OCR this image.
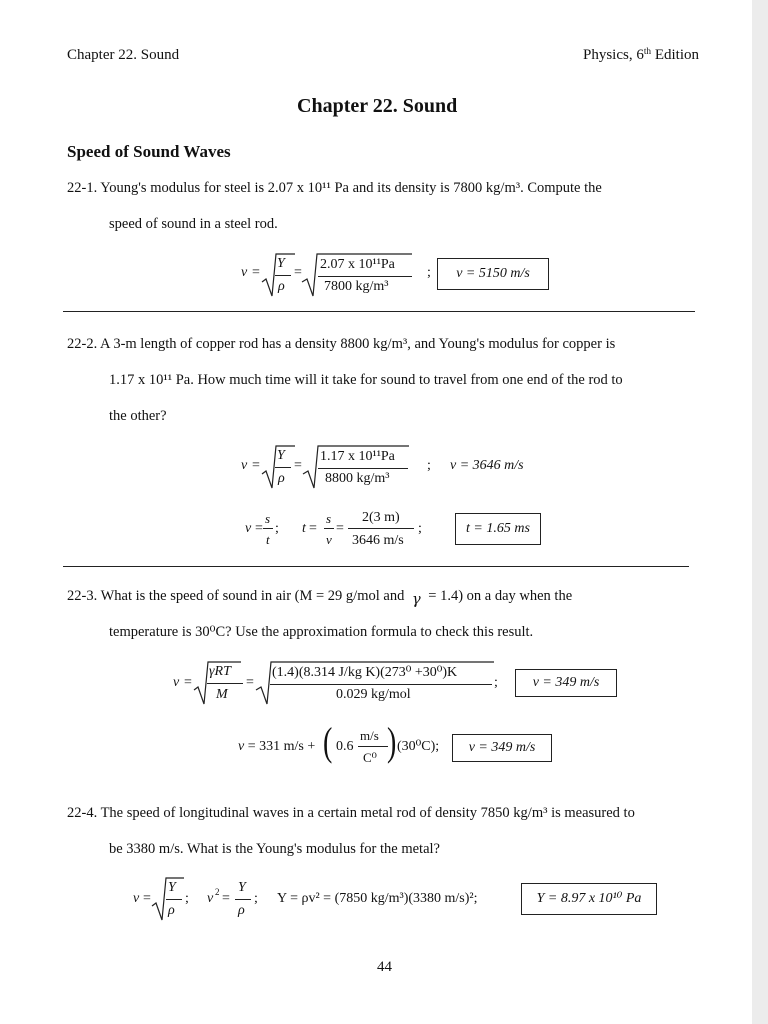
Chapter 22. Sound	Physics, 6th Edition
Chapter 22. Sound
Speed of Sound Waves
22-1. Young's modulus for steel is 2.07 x 10¹¹ Pa and its density is 7800 kg/m³. Compute the
speed of sound in a steel rod.
v =
Y
ρ
=
2.07 x 10¹¹Pa
7800 kg/m³
; v = 5150 m/s
22-2. A 3-m length of copper rod has a density 8800 kg/m³, and Young's modulus for copper is
1.17 x 10¹¹ Pa. How much time will it take for sound to travel from one end of the rod to
the other?
v =
Y
ρ
=
1.17 x 10¹¹Pa
8800 kg/m³
; v = 3646 m/s
v =
s
t
; t =
s
v
=
2(3 m)
3646 m/s
;	t = 1.65 ms
22-3. What is the speed of sound in air (M = 29 g/mol and γ = 1.4) on a day when the
temperature is 30⁰C? Use the approximation formula to check this result.
v =
γRT
M
=
(1.4)(8.314 J/kg K)(273⁰ +30⁰)K
0.029 kg/mol
; v = 349 m/s
v = 331 m/s + ( 0.6
m/s
C⁰ ) (30⁰C); v = 349 m/s
22-4. The speed of longitudinal waves in a certain metal rod of density 7850 kg/m³ is measured to
be 3380 m/s. What is the Young's modulus for the metal?
v =
Y
ρ
; v 2 =
Y
ρ
; Y = ρv² = (7850 kg/m³)(3380 m/s)²;	Y = 8.97 x 10¹⁰ Pa
44
